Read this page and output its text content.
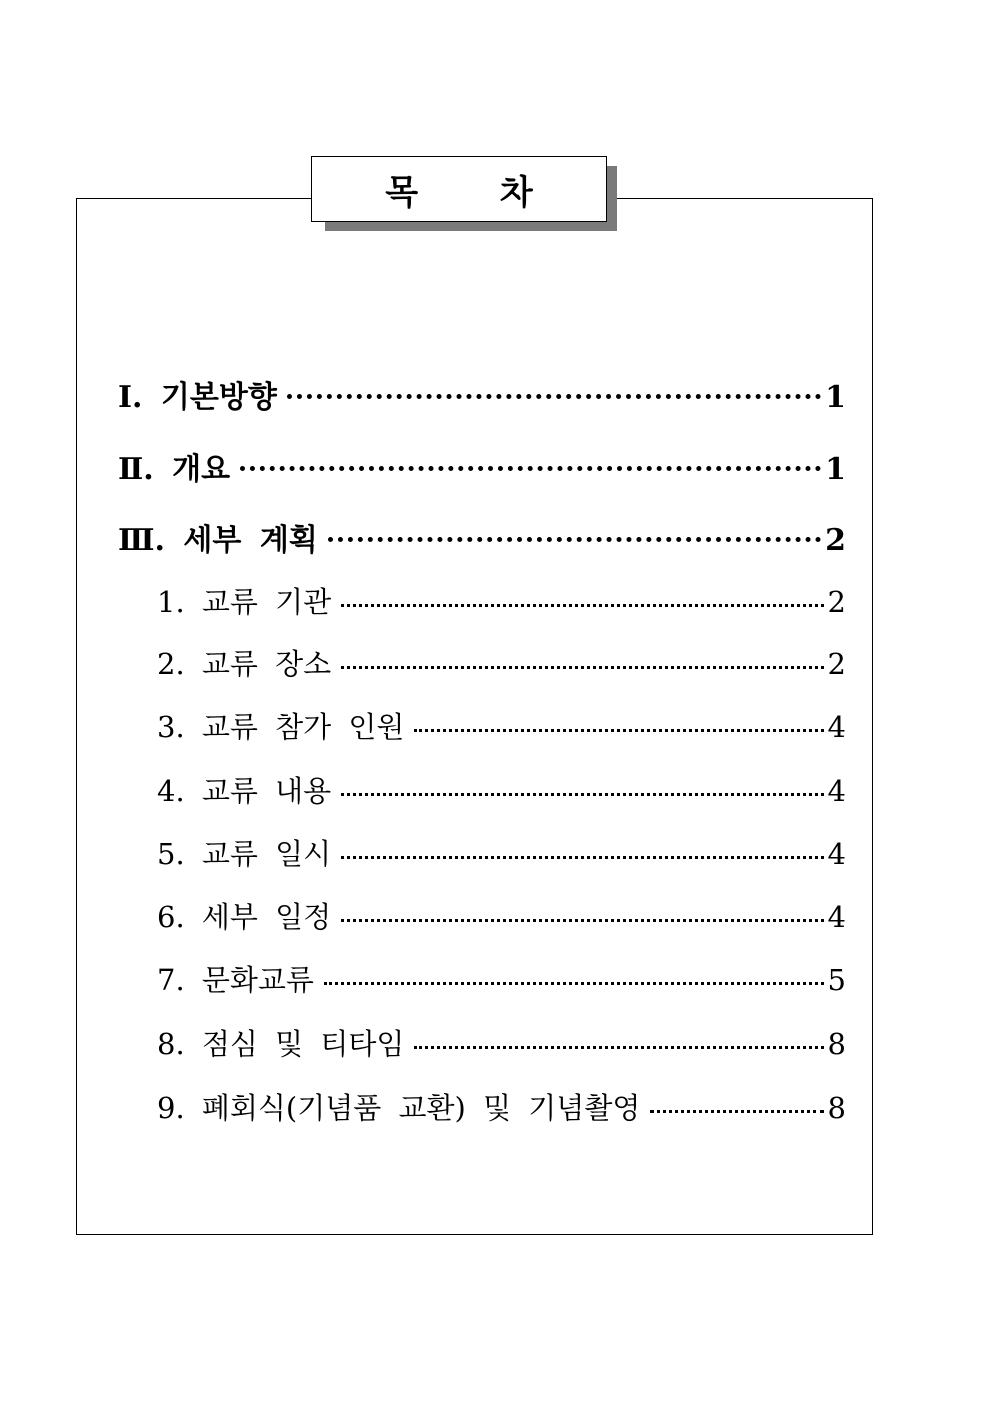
목 차
Ⅰ. 기본방향	1
Ⅱ. 개요	1
Ⅲ. 세부 계획	2
1. 교류 기관	2
2. 교류 장소	2
3. 교류 참가 인원	4
4. 교류 내용	4
5. 교류 일시	4
6. 세부 일정	4
7. 문화교류	5
8. 점심 및 티타임	8
9. 폐회식(기념품 교환) 및 기념촬영	8
